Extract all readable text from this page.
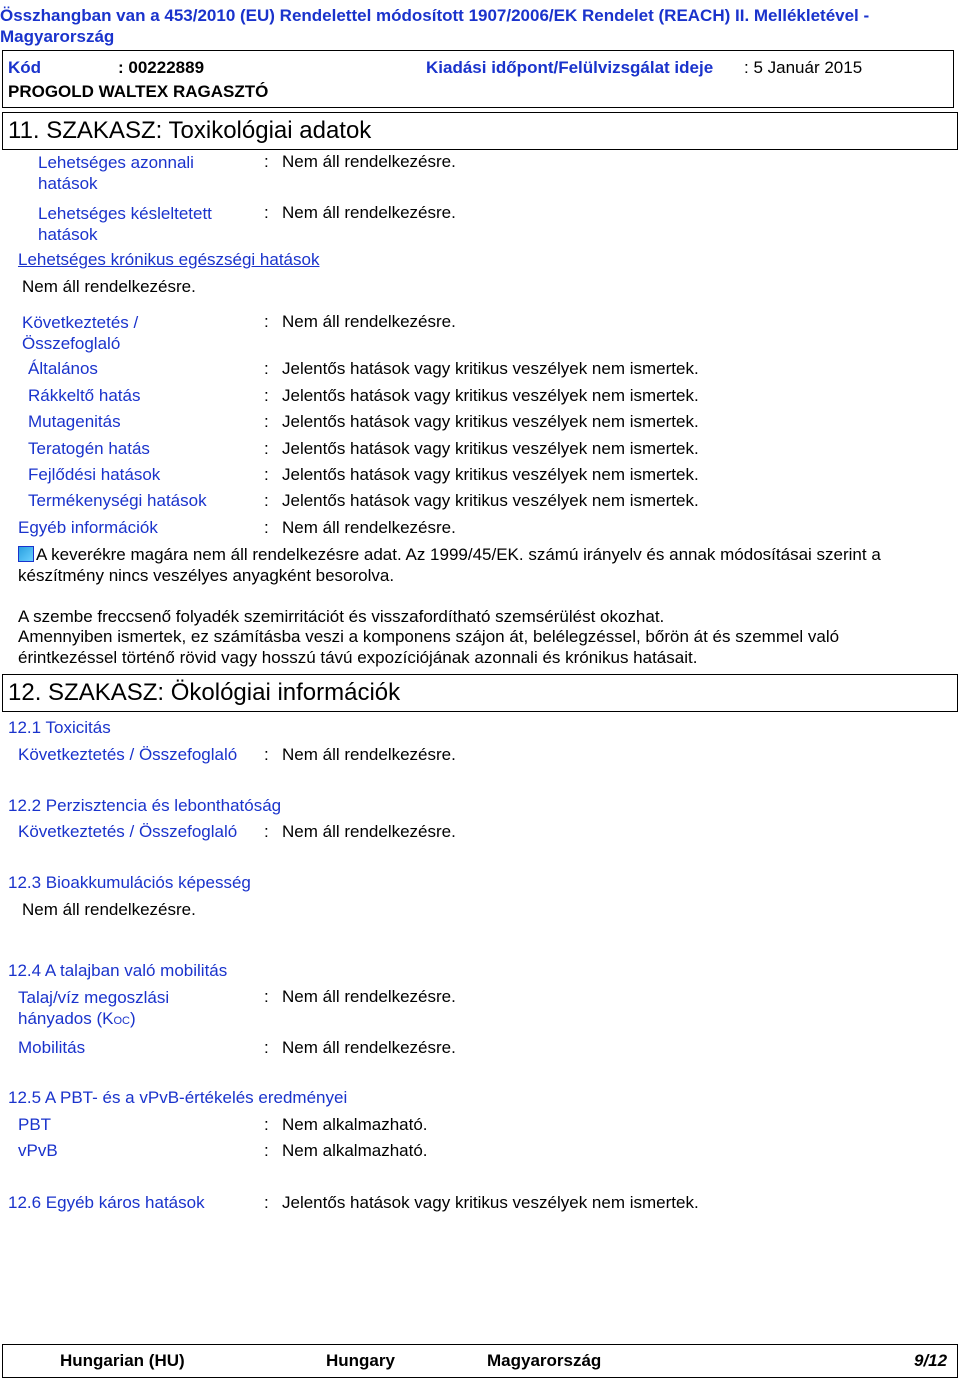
Összhangban van a 453/2010 (EU) Rendelettel módosított 1907/2006/EK Rendelet (REACH) II. Mellékletével -
Magyarország
Kód	: 00222889	Kiadási időpont/Felülvizsgálat ideje : 5 Január 2015
PROGOLD WALTEX RAGASZTÓ
11. SZAKASZ: Toxikológiai adatok
Lehetséges azonnali hatások
: Nem áll rendelkezésre.
Lehetséges késleltetett hatások
: Nem áll rendelkezésre.
Lehetséges krónikus egészségi hatások
Nem áll rendelkezésre.
Következtetés / Összefoglaló
: Nem áll rendelkezésre.
Általános	: Jelentős hatások vagy kritikus veszélyek nem ismertek.
Rákkeltő hatás	: Jelentős hatások vagy kritikus veszélyek nem ismertek.
Mutagenitás	: Jelentős hatások vagy kritikus veszélyek nem ismertek.
Teratogén hatás	: Jelentős hatások vagy kritikus veszélyek nem ismertek.
Fejlődési hatások	: Jelentős hatások vagy kritikus veszélyek nem ismertek.
Termékenységi hatások	: Jelentős hatások vagy kritikus veszélyek nem ismertek.
Egyéb információk	: Nem áll rendelkezésre.
A keverékre magára nem áll rendelkezésre adat. Az 1999/45/EK. számú irányelv és annak módosításai szerint a készítmény nincs veszélyes anyagként besorolva.
A szembe freccsenő folyadék szemirritációt és visszafordítható szemsérülést okozhat.
Amennyiben ismertek, ez számításba veszi a komponens szájon át, belélegzéssel, bőrön át és szemmel való érintkezéssel történő rövid vagy hosszú távú expozíciójának azonnali és krónikus hatásait.
12. SZAKASZ: Ökológiai információk
12.1 Toxicitás
Következtetés / Összefoglaló : Nem áll rendelkezésre.
12.2 Perzisztencia és lebonthatóság
Következtetés / Összefoglaló : Nem áll rendelkezésre.
12.3 Bioakkumulációs képesség
Nem áll rendelkezésre.
12.4 A talajban való mobilitás
Talaj/víz megoszlási hányados (KOC)
: Nem áll rendelkezésre.
Mobilitás	: Nem áll rendelkezésre.
12.5 A PBT- és a vPvB-értékelés eredményei
PBT	: Nem alkalmazható.
vPvB	: Nem alkalmazható.
12.6 Egyéb káros hatások	: Jelentős hatások vagy kritikus veszélyek nem ismertek.
Hungarian (HU)	Hungary	Magyarország	9/12
